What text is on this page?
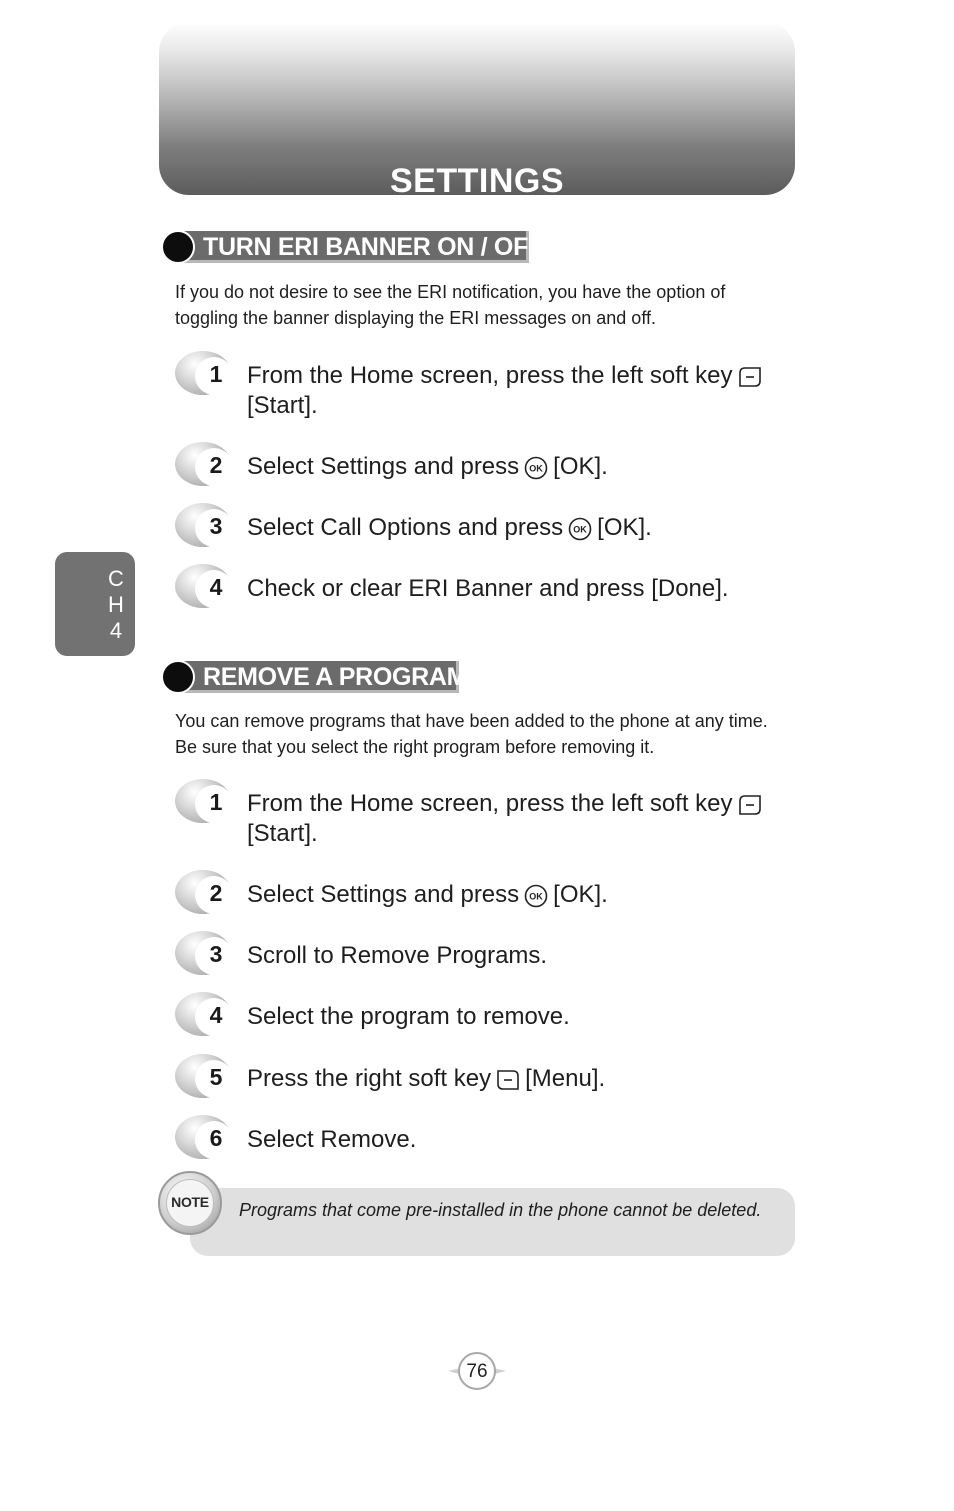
SETTINGS
C
H
4
TURN ERI BANNER ON / OFF

If you do not desire to see the ERI notification, you have the option of toggling the banner displaying the ERI messages on and off.

1 From the Home screen, press the left soft key
[Start].
2 Select Settings and press OK [OK].
3 Select Call Options and press OK [OK].
4 Check or clear ERI Banner and press [Done].
REMOVE A PROGRAM

You can remove programs that have been added to the phone at any time. Be sure that you select the right program before removing it.

1 From the Home screen, press the left soft key
[Start].
2 Select Settings and press OK [OK].
3 Scroll to Remove Programs.
4 Select the program to remove.
5 Press the right soft key [Menu].
6 Select Remove.
Programs that come pre-installed in the phone cannot be deleted.
NOTE
76
